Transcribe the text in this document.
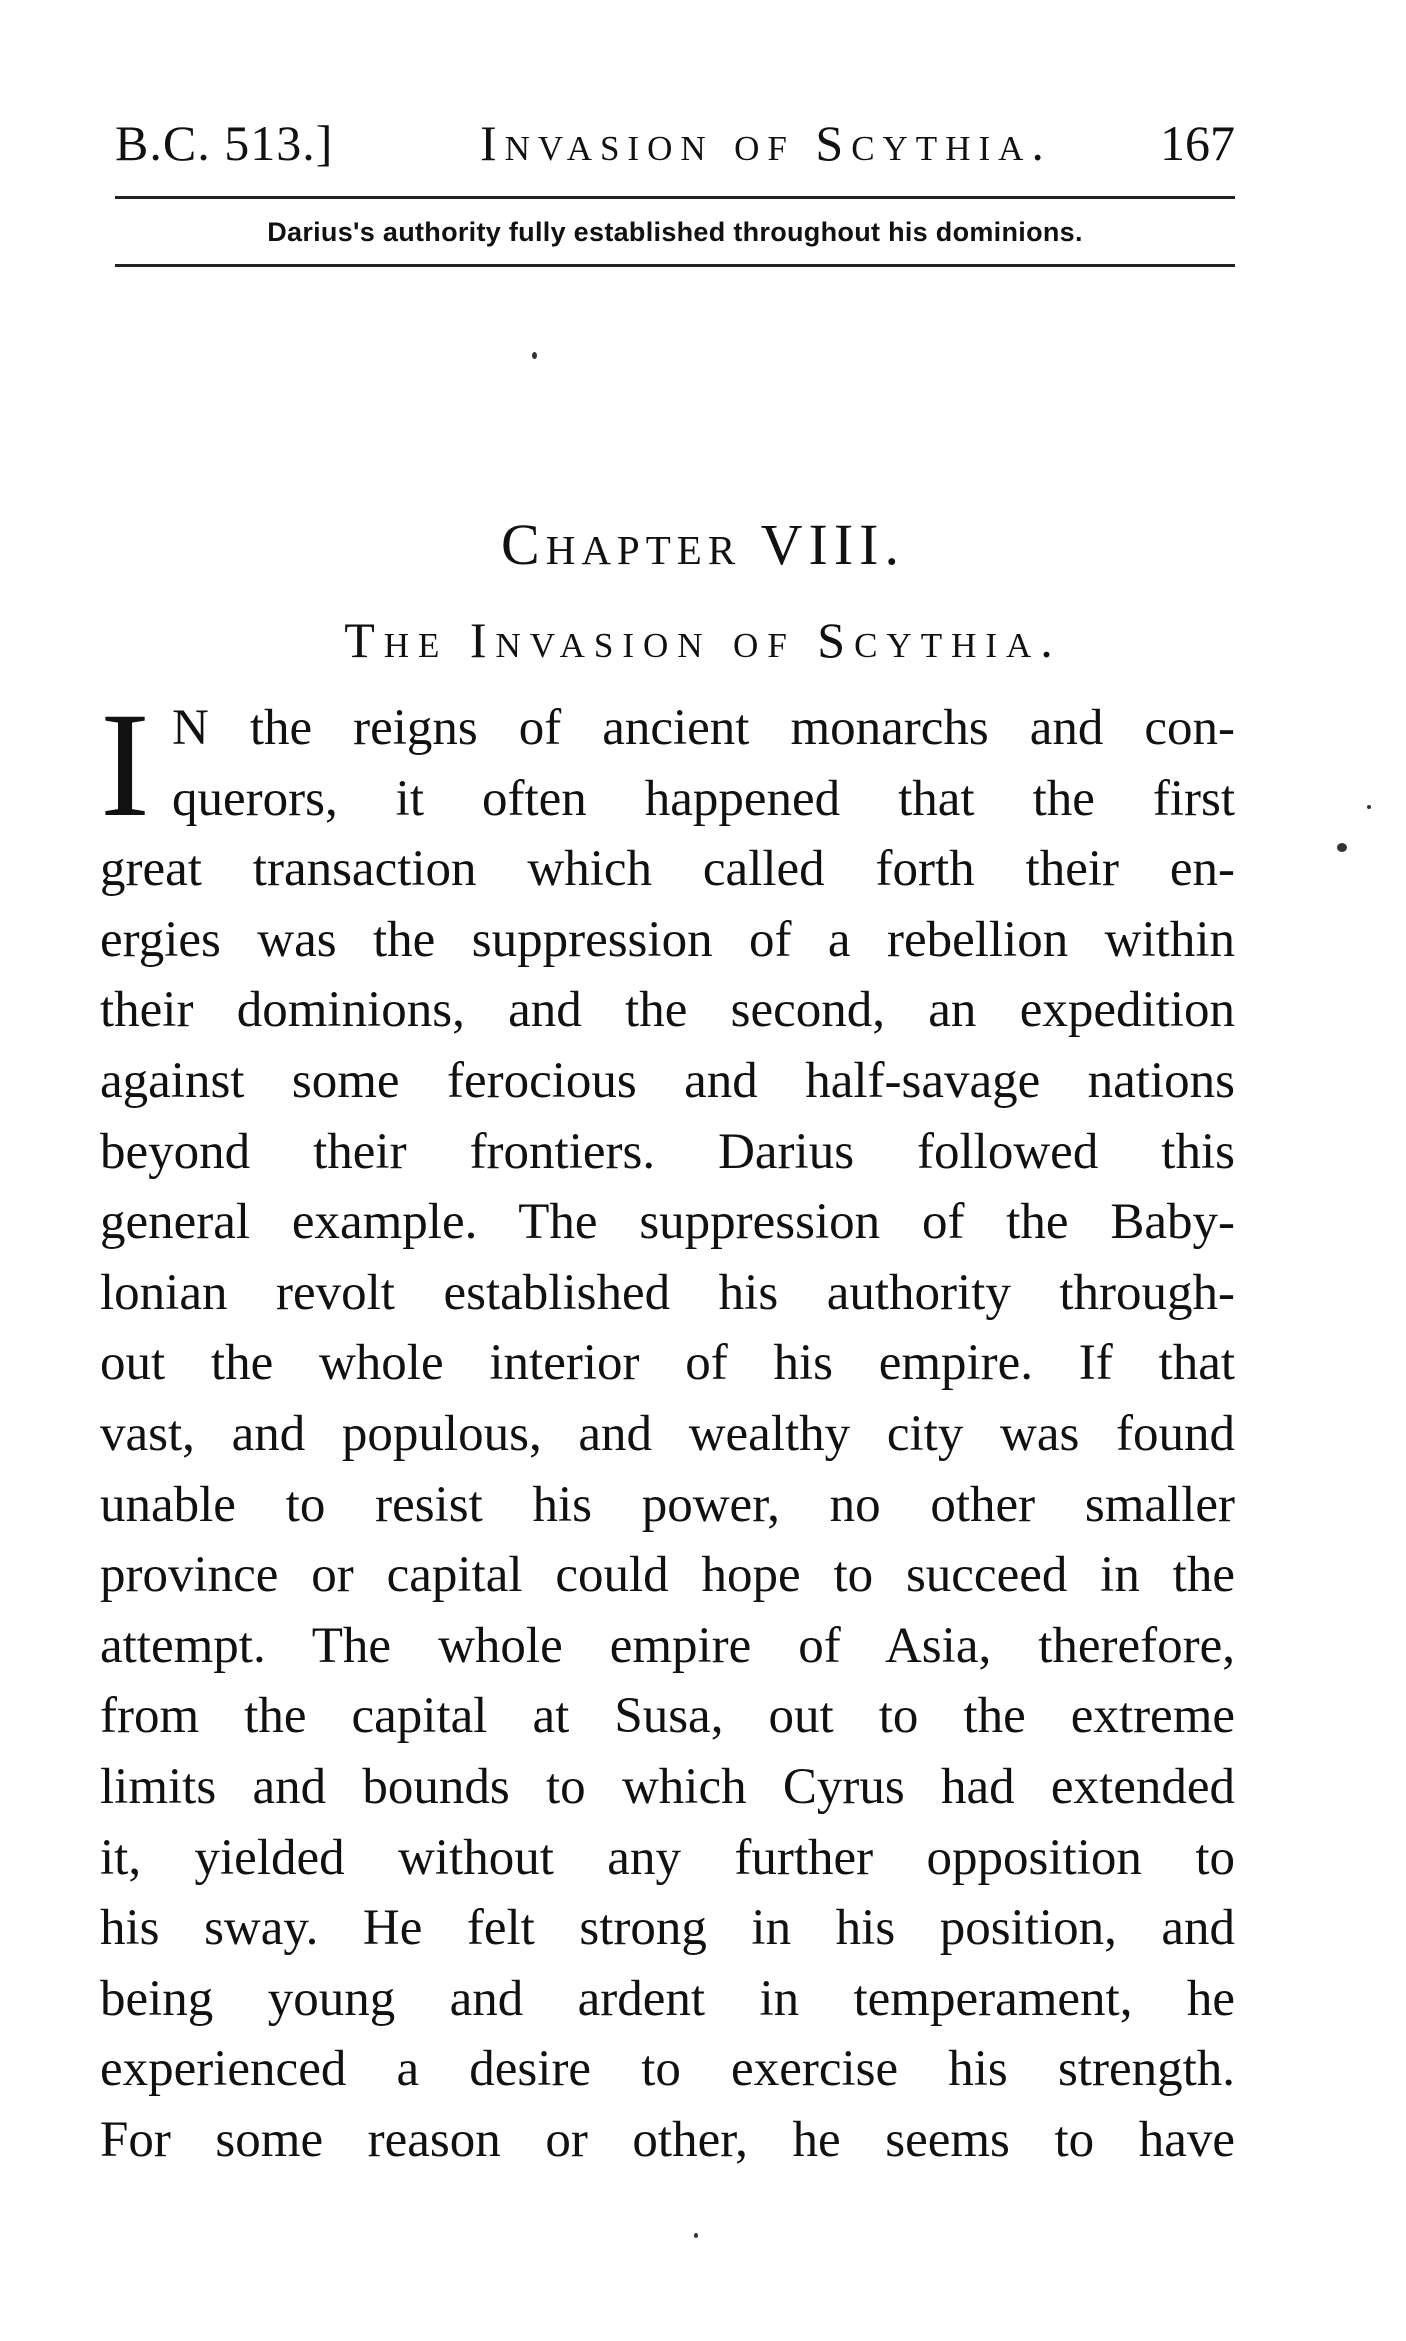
B.C. 513.]	Invasion of Scythia. 167
Darius's authority fully established throughout his dominions.
Chapter VIII.
The Invasion of Scythia.
I N the reigns of ancient monarchs and con-
querors, it often happened that the first
great transaction which called forth their en-
ergies was the suppression of a rebellion within
their dominions, and the second, an expedition
against some ferocious and half-savage nations
beyond their frontiers. Darius followed this
general example. The suppression of the Baby-
lonian revolt established his authority through-
out the whole interior of his empire. If that
vast, and populous, and wealthy city was found
unable to resist his power, no other smaller
province or capital could hope to succeed in the
attempt. The whole empire of Asia, therefore,
from the capital at Susa, out to the extreme
limits and bounds to which Cyrus had extended
it, yielded without any further opposition to
his sway. He felt strong in his position, and
being young and ardent in temperament, he
experienced a desire to exercise his strength.
For some reason or other, he seems to have
